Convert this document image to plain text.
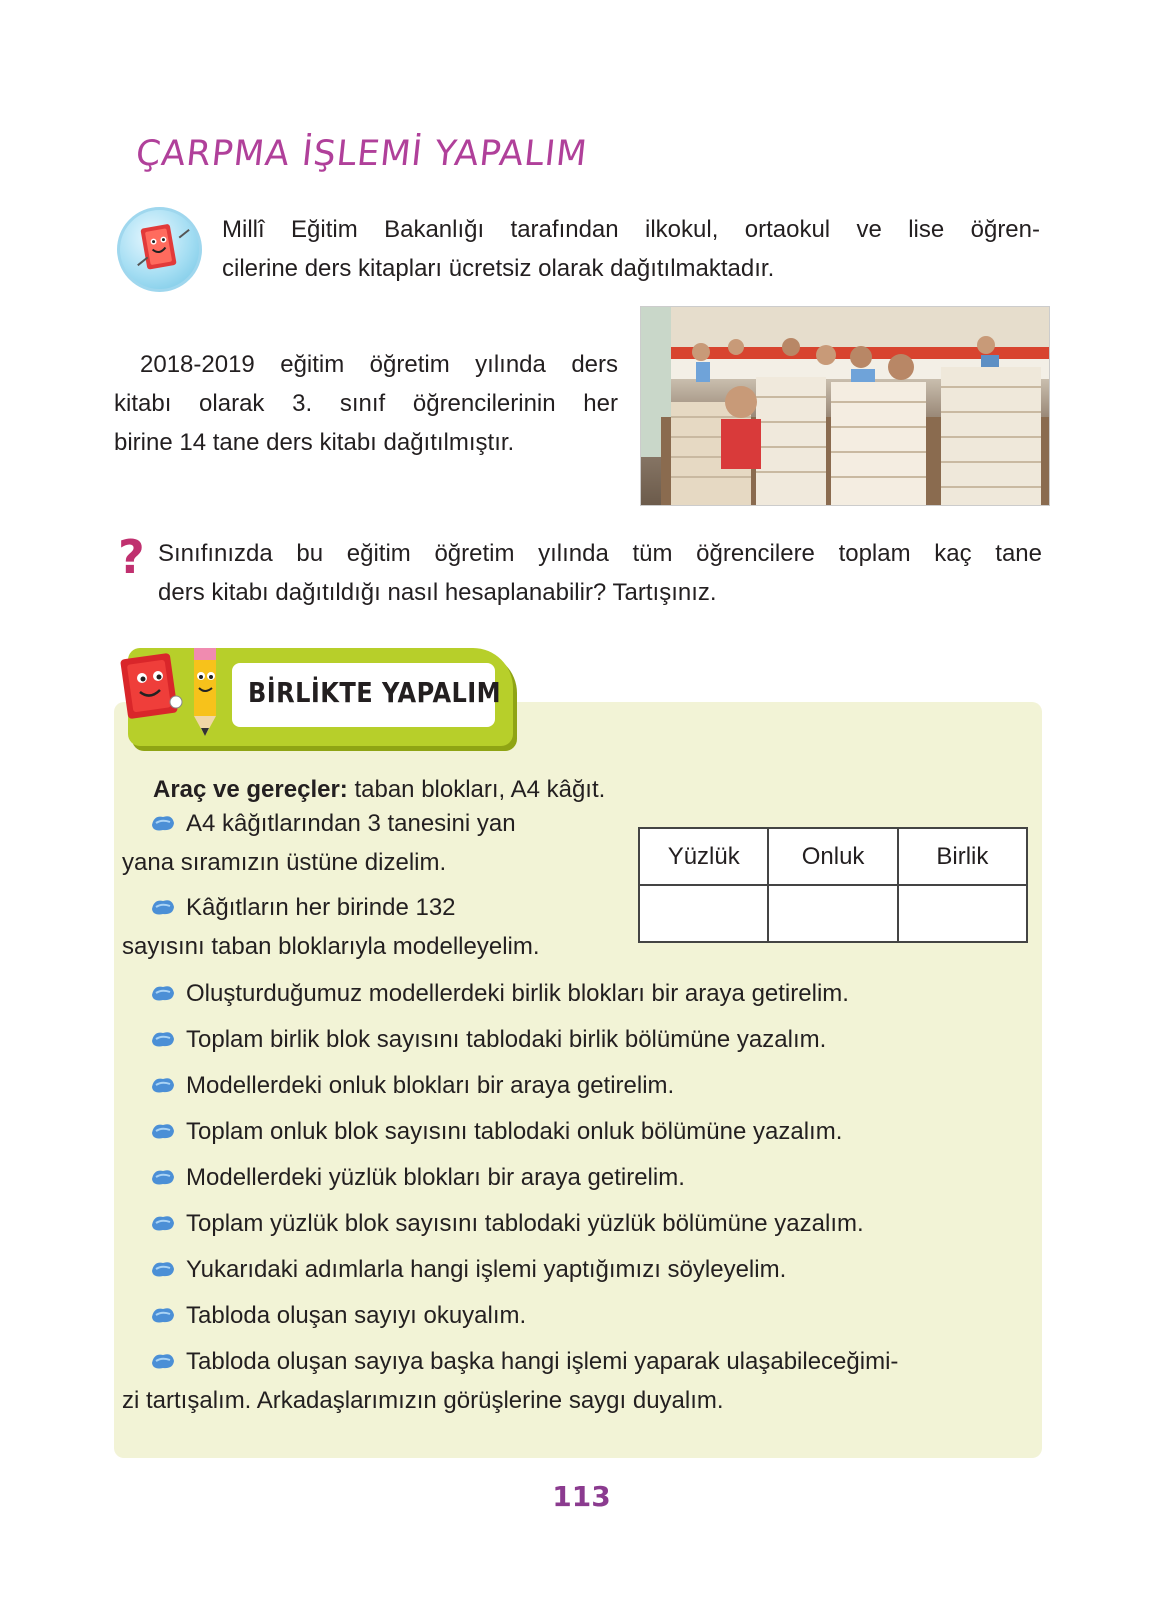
ÇARPMA İŞLEMİ YAPALIM
Millî Eğitim Bakanlığı tarafından ilkokul, ortaokul ve lise öğren-
cilerine ders kitapları ücretsiz olarak dağıtılmaktadır.
2018-2019 eğitim öğretim yılında ders
kitabı olarak 3. sınıf öğrencilerinin her
birine 14 tane ders kitabı dağıtılmıştır.
? Sınıfınızda bu eğitim öğretim yılında tüm öğrencilere toplam kaç tane
ders kitabı dağıtıldığı nasıl hesaplanabilir? Tartışınız.
BİRLİKTE YAPALIM
Araç ve gereçler: taban blokları, A4 kâğıt.
A4 kâğıtlarından 3 tanesini yan
yana sıramızın üstüne dizelim.
Kâğıtların her birinde 132
sayısını taban bloklarıyla modelleyelim.
Yüzlük	Onluk	Birlik

Oluşturduğumuz modellerdeki birlik blokları bir araya getirelim.
Toplam birlik blok sayısını tablodaki birlik bölümüne yazalım.
Modellerdeki onluk blokları bir araya getirelim.
Toplam onluk blok sayısını tablodaki onluk bölümüne yazalım.
Modellerdeki yüzlük blokları bir araya getirelim.
Toplam yüzlük blok sayısını tablodaki yüzlük bölümüne yazalım.
Yukarıdaki adımlarla hangi işlemi yaptığımızı söyleyelim.
Tabloda oluşan sayıyı okuyalım.
Tabloda oluşan sayıya başka hangi işlemi yaparak ulaşabileceğimi-
zi tartışalım. Arkadaşlarımızın görüşlerine saygı duyalım.
113
